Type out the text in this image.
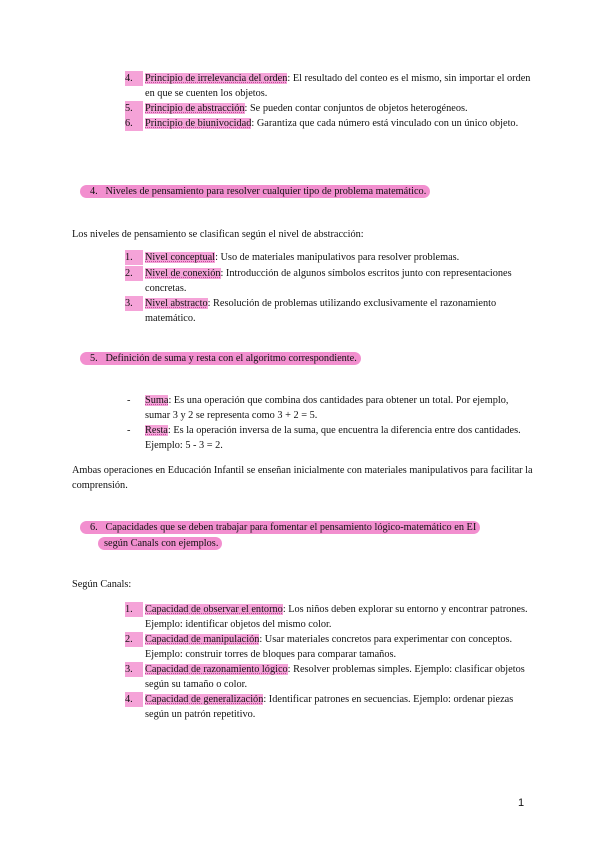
4.	Principio de irrelevancia del orden: El resultado del conteo es el mismo, sin importar el orden en que se cuenten los objetos.
5.	Principio de abstracción: Se pueden contar conjuntos de objetos heterogéneos.
6.	Principio de biunivocidad: Garantiza que cada número está vinculado con un único objeto.
4. Niveles de pensamiento para resolver cualquier tipo de problema matemático.
Los niveles de pensamiento se clasifican según el nivel de abstracción:
1.	Nivel conceptual: Uso de materiales manipulativos para resolver problemas.
2.	Nivel de conexión: Introducción de algunos símbolos escritos junto con representaciones concretas.
3.	Nivel abstracto: Resolución de problemas utilizando exclusivamente el razonamiento matemático.
5. Definición de suma y resta con el algoritmo correspondiente.
-	Suma: Es una operación que combina dos cantidades para obtener un total. Por ejemplo, sumar 3 y 2 se representa como 3 + 2 = 5.
-	Resta: Es la operación inversa de la suma, que encuentra la diferencia entre dos cantidades. Ejemplo: 5 - 3 = 2.
Ambas operaciones en Educación Infantil se enseñan inicialmente con materiales manipulativos para facilitar la comprensión.
6. Capacidades que se deben trabajar para fomentar el pensamiento lógico-matemático en EI
según Canals con ejemplos.
Según Canals:
1.	Capacidad de observar el entorno: Los niños deben explorar su entorno y encontrar patrones. Ejemplo: identificar objetos del mismo color.
2.	Capacidad de manipulación: Usar materiales concretos para experimentar con conceptos. Ejemplo: construir torres de bloques para comparar tamaños.
3.	Capacidad de razonamiento lógico: Resolver problemas simples. Ejemplo: clasificar objetos según su tamaño o color.
4.	Capacidad de generalización: Identificar patrones en secuencias. Ejemplo: ordenar piezas según un patrón repetitivo.
1
